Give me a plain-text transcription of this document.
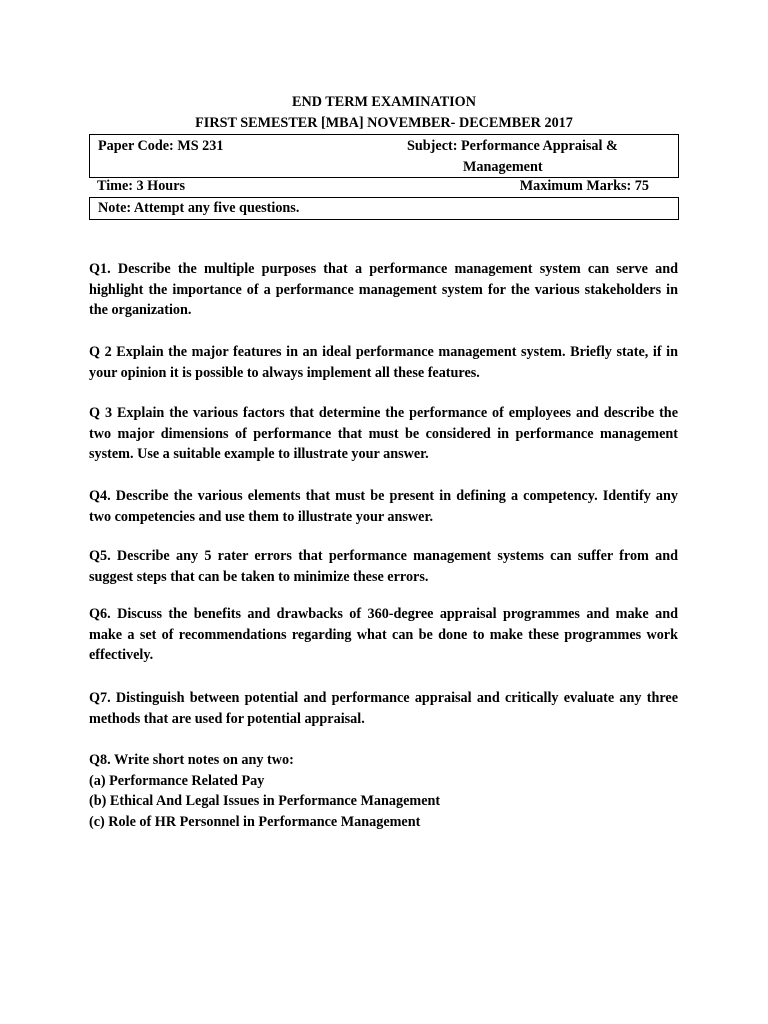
END TERM EXAMINATION
FIRST SEMESTER [MBA] NOVEMBER- DECEMBER 2017
Paper Code: MS 231	Subject: Performance Appraisal &
Management
Time: 3 Hours	Maximum Marks: 75
Note: Attempt any five questions.
Q1. Describe the multiple purposes that a performance management system can serve and highlight the importance of a performance management system for the various stakeholders in the organization.
Q 2 Explain the major features in an ideal performance management system. Briefly state, if in your opinion it is possible to always implement all these features.
Q 3 Explain the various factors that determine the performance of employees and describe the two major dimensions of performance that must be considered in performance management system. Use a suitable example to illustrate your answer.
Q4. Describe the various elements that must be present in defining a competency. Identify any two competencies and use them to illustrate your answer.
Q5. Describe any 5 rater errors that performance management systems can suffer from and suggest steps that can be taken to minimize these errors.
Q6. Discuss the benefits and drawbacks of 360-degree appraisal programmes and make and make a set of recommendations regarding what can be done to make these programmes work effectively.
Q7. Distinguish between potential and performance appraisal and critically evaluate any three methods that are used for potential appraisal.
Q8. Write short notes on any two:
(a) Performance Related Pay
(b) Ethical And Legal Issues in Performance Management
(c) Role of HR Personnel in Performance Management
